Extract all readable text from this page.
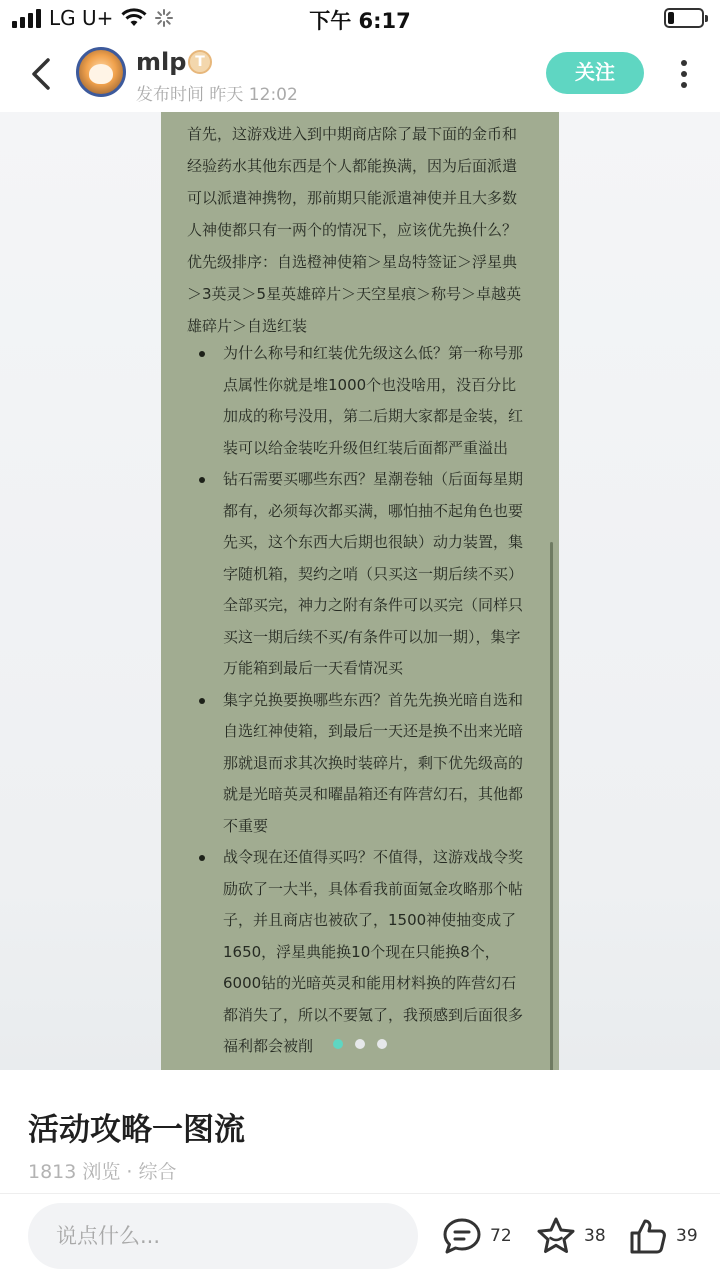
LG U+	下午 6:17
mlp T
发布时间 昨天 12:02
关注

首先，这游戏进入到中期商店除了最下面的金币和经验药水其他东西是个人都能换满，因为后面派遣可以派遣神携物，那前期只能派遣神使并且大多数人神使都只有一两个的情况下，应该优先换什么？优先级排序：自选橙神使箱＞星岛特签证＞浮星典＞3英灵＞5星英雄碎片＞天空星痕＞称号＞卓越英雄碎片＞自选红装

为什么称号和红装优先级这么低？第一称号那点属性你就是堆1000个也没啥用，没百分比加成的称号没用，第二后期大家都是金装，红装可以给金装吃升级但红装后面都严重溢出
钻石需要买哪些东西？星潮卷轴（后面每星期都有，必须每次都买满，哪怕抽不起角色也要先买，这个东西大后期也很缺）动力装置，集字随机箱，契约之哨（只买这一期后续不买）全部买完，神力之附有条件可以买完（同样只买这一期后续不买/有条件可以加一期），集字万能箱到最后一天看情况买
集字兑换要换哪些东西？首先先换光暗自选和自选红神使箱，到最后一天还是换不出来光暗那就退而求其次换时装碎片，剩下优先级高的就是光暗英灵和曜晶箱还有阵营幻石，其他都不重要
战令现在还值得买吗？不值得，这游戏战令奖励砍了一大半，具体看我前面氪金攻略那个帖子，并且商店也被砍了，1500神使抽变成了1650，浮星典能换10个现在只能换8个，6000钻的光暗英灵和能用材料换的阵营幻石都消失了，所以不要氪了，我预感到后面很多福利都会被削
活动攻略一图流
1813 浏览 · 综合
说点什么...
72	38	39
